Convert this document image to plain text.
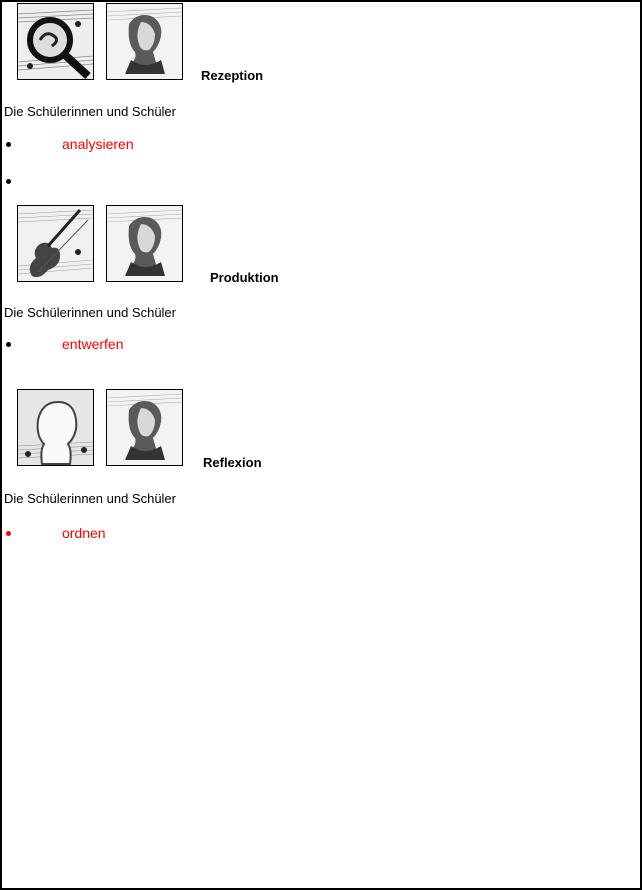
Rezeption
Die Schülerinnen und Schüler
analysieren
Produktion
Die Schülerinnen und Schüler
entwerfen
Reflexion
Die Schülerinnen und Schüler
ordnen
